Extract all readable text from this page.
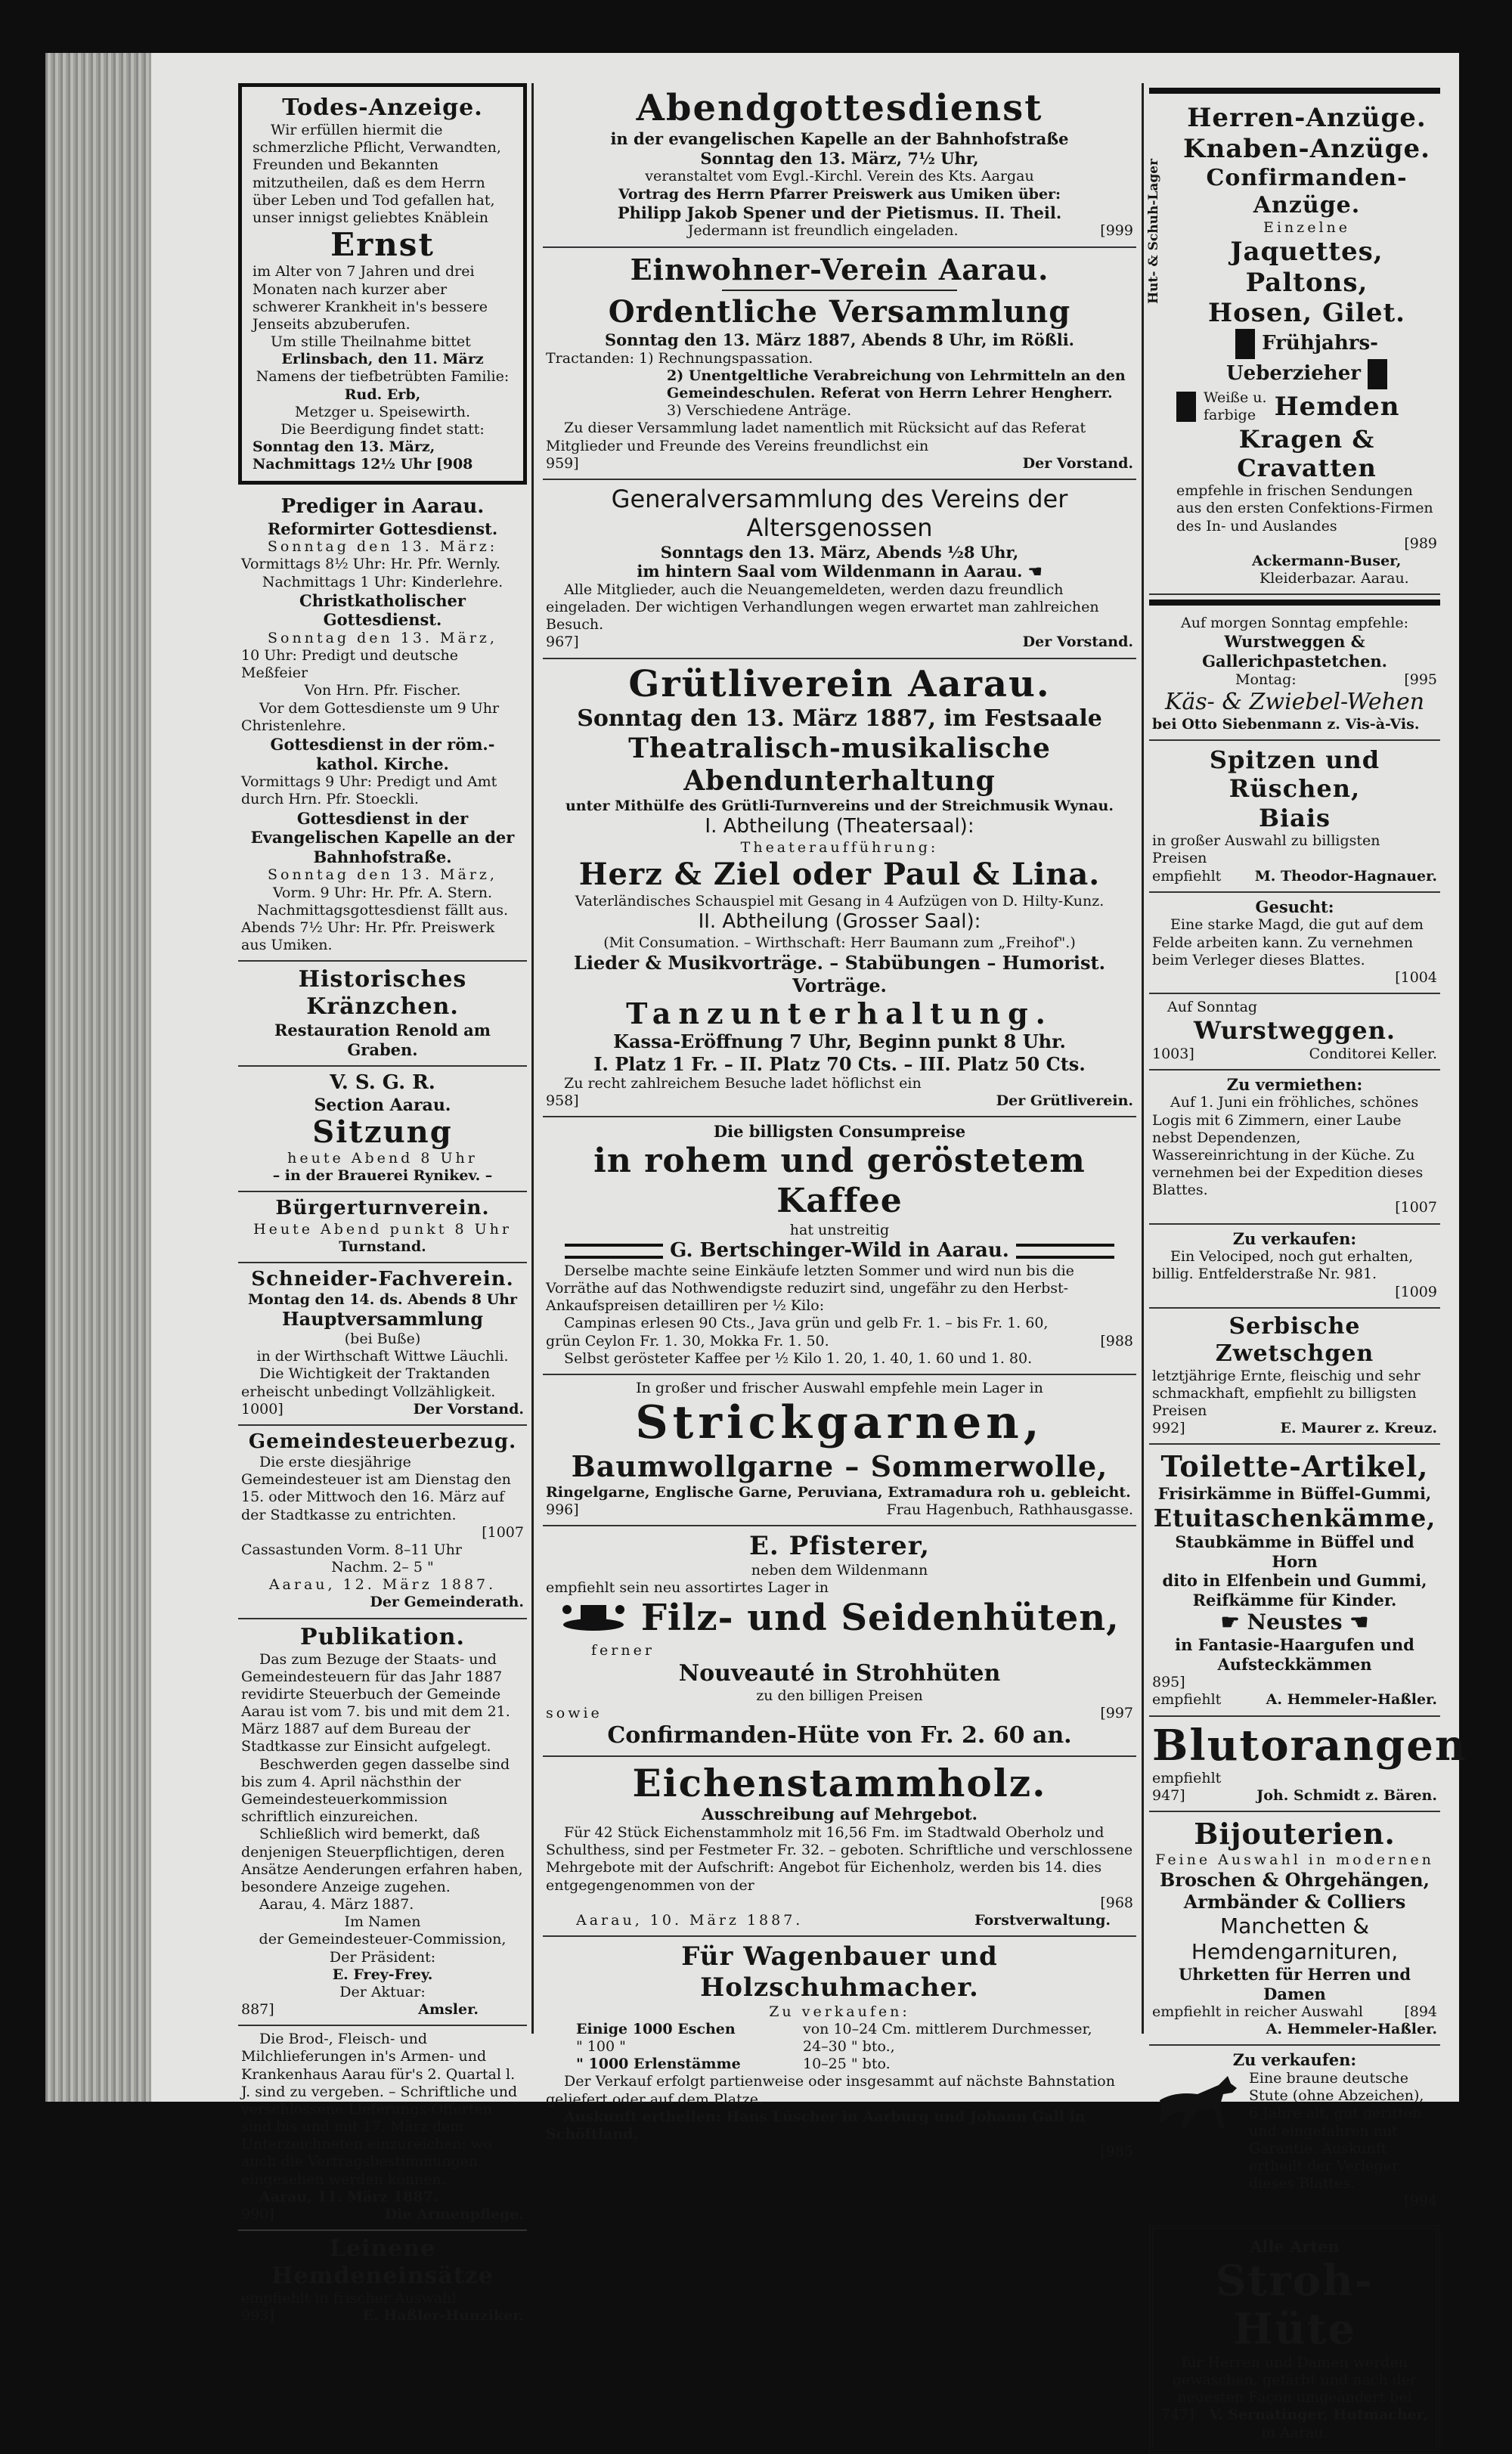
Todes-Anzeige.
Wir erfüllen hiermit die schmerzliche Pflicht, Verwandten, Freunden und Bekannten mitzutheilen, daß es dem Herrn über Leben und Tod gefallen hat, unser innigst geliebtes Knäblein
Ernst
im Alter von 7 Jahren und drei Monaten nach kurzer aber schwerer Krankheit in's bessere Jenseits abzuberufen.
Um stille Theilnahme bittet
Erlinsbach, den 11. März
Namens der tiefbetrübten Familie:
Rud. Erb,
Metzger u. Speisewirth.
Die Beerdigung findet statt:
Sonntag den 13. März, Nachmittags 12½ Uhr [908
Prediger in Aarau.
Reformirter Gottesdienst.
Sonntag den 13. März:
Vormittags 8½ Uhr: Hr. Pfr. Wernly.
Nachmittags 1 Uhr: Kinderlehre.
Christkatholischer Gottesdienst.
Sonntag den 13. März,
10 Uhr: Predigt und deutsche Meßfeier
Von Hrn. Pfr. Fischer.
Vor dem Gottesdienste um 9 Uhr Christenlehre.
Gottesdienst in der röm.-kathol. Kirche.
Vormittags 9 Uhr: Predigt und Amt durch Hrn. Pfr. Stoeckli.
Gottesdienst in der Evangelischen Kapelle an der Bahnhofstraße.
Sonntag den 13. März,
Vorm. 9 Uhr: Hr. Pfr. A. Stern.
Nachmittagsgottesdienst fällt aus.
Abends 7½ Uhr: Hr. Pfr. Preiswerk aus Umiken.
Historisches Kränzchen.
Restauration Renold am Graben.
V. S. G. R.
Section Aarau.
Sitzung
heute Abend 8 Uhr
– in der Brauerei Rynikev. –
Bürgerturnverein.
Heute Abend punkt 8 Uhr
Turnstand.
Schneider-Fachverein.
Montag den 14. ds. Abends 8 Uhr
Hauptversammlung
(bei Buße)
in der Wirthschaft Wittwe Läuchli.
Die Wichtigkeit der Traktanden erheischt unbedingt Vollzähligkeit.
1000]	Der Vorstand.
Gemeindesteuerbezug.
Die erste diesjährige Gemeindesteuer ist am Dienstag den 15. oder Mittwoch den 16. März auf der Stadtkasse zu entrichten.
[1007
Cassastunden Vorm. 8–11 Uhr
Nachm. 2– 5 "
Aarau, 12. März 1887.
Der Gemeinderath.
Publikation.
Das zum Bezuge der Staats- und Gemeindesteuern für das Jahr 1887 revidirte Steuerbuch der Gemeinde Aarau ist vom 7. bis und mit dem 21. März 1887 auf dem Bureau der Stadtkasse zur Einsicht aufgelegt.
Beschwerden gegen dasselbe sind bis zum 4. April nächsthin der Gemeindesteuerkommission schriftlich einzureichen.
Schließlich wird bemerkt, daß denjenigen Steuerpflichtigen, deren Ansätze Aenderungen erfahren haben, besondere Anzeige zugehen.
Aarau, 4. März 1887.
Im Namen
der Gemeindesteuer-Commission,
Der Präsident:
E. Frey-Frey.
Der Aktuar:
887]	Amsler.
Die Brod-, Fleisch- und Milchlieferungen in's Armen- und Krankenhaus Aarau für's 2. Quartal l. J. sind zu vergeben. – Schriftliche und verschlossene Lieferungs-Offerten sind bis und mit 17. März dem Unterzeichneten einzureichen; wo auch die Vertragsbestimmungen eingesehen werden können.
Aarau, 11. März 1887.
990]	Die Armenpflege.
Leinene Hemdeneinsätze
empfiehlt in frischer Auswahl
993]	E. Haßler-Hunziker.
Abendgottesdienst
in der evangelischen Kapelle an der Bahnhofstraße
Sonntag den 13. März, 7½ Uhr,
veranstaltet vom Evgl.-Kirchl. Verein des Kts. Aargau
Vortrag des Herrn Pfarrer Preiswerk aus Umiken über:
Philipp Jakob Spener und der Pietismus. II. Theil.
Jedermann ist freundlich eingeladen.	[999
Einwohner-Verein Aarau.
Ordentliche Versammlung
Sonntag den 13. März 1887, Abends 8 Uhr, im Rößli.
Tractanden: 1) Rechnungspassation.
2) Unentgeltliche Verabreichung von Lehrmitteln an den Gemeindeschulen. Referat von Herrn Lehrer Hengherr.
3) Verschiedene Anträge.
Zu dieser Versammlung ladet namentlich mit Rücksicht auf das Referat Mitglieder und Freunde des Vereins freundlichst ein
959]	Der Vorstand.
Generalversammlung des Vereins der Altersgenossen
Sonntags den 13. März, Abends ½8 Uhr,
im hintern Saal vom Wildenmann in Aarau. ☚
Alle Mitglieder, auch die Neuangemeldeten, werden dazu freundlich eingeladen. Der wichtigen Verhandlungen wegen erwartet man zahlreichen Besuch.
967]	Der Vorstand.
Grütliverein Aarau.
Sonntag den 13. März 1887, im Festsaale
Theatralisch-musikalische Abendunterhaltung
unter Mithülfe des Grütli-Turnvereins und der Streichmusik Wynau.
I. Abtheilung (Theatersaal):
Theateraufführung:
Herz & Ziel oder Paul & Lina.
Vaterländisches Schauspiel mit Gesang in 4 Aufzügen von D. Hilty-Kunz.
II. Abtheilung (Grosser Saal):
(Mit Consumation. – Wirthschaft: Herr Baumann zum „Freihof".)
Lieder & Musikvorträge. – Stabübungen – Humorist. Vorträge.
Tanzunterhaltung.
Kassa-Eröffnung 7 Uhr, Beginn punkt 8 Uhr.
I. Platz 1 Fr. – II. Platz 70 Cts. – III. Platz 50 Cts.
Zu recht zahlreichem Besuche ladet höflichst ein
958]	Der Grütliverein.
Die billigsten Consumpreise
in rohem und geröstetem Kaffee
hat unstreitig
G. Bertschinger-Wild in Aarau.
Derselbe machte seine Einkäufe letzten Sommer und wird nun bis die Vorräthe auf das Nothwendigste reduzirt sind, ungefähr zu den Herbst-Ankaufspreisen detailliren per ½ Kilo:
Campinas erlesen 90 Cts., Java grün und gelb Fr. 1. – bis Fr. 1. 60,
grün Ceylon Fr. 1. 30, Mokka Fr. 1. 50.	[988
Selbst gerösteter Kaffee per ½ Kilo 1. 20, 1. 40, 1. 60 und 1. 80.
In großer und frischer Auswahl empfehle mein Lager in
Strickgarnen,
Baumwollgarne – Sommerwolle,
Ringelgarne, Englische Garne, Peruviana, Extramadura roh u. gebleicht.
996]	Frau Hagenbuch, Rathhausgasse.
E. Pfisterer,
neben dem Wildenmann
empfiehlt sein neu assortirtes Lager in
Filz- und Seidenhüten,
ferner
Nouveauté in Strohhüten
zu den billigen Preisen
sowie	[997
Confirmanden-Hüte von Fr. 2. 60 an.
Eichenstammholz.
Ausschreibung auf Mehrgebot.
Für 42 Stück Eichenstammholz mit 16,56 Fm. im Stadtwald Oberholz und Schulthess, sind per Festmeter Fr. 32. – geboten. Schriftliche und verschlossene Mehrgebote mit der Aufschrift: Angebot für Eichenholz, werden bis 14. dies entgegengenommen von der
[968
Aarau, 10. März 1887.	Forstverwaltung.
Für Wagenbauer und Holzschuhmacher.
Zu verkaufen:
Einige 1000 Eschen	von 10–24 Cm. mittlerem Durchmesser,
" 100 "	24–30 " bto.,
" 1000 Erlenstämme	10–25 " bto.
Der Verkauf erfolgt partienweise oder insgesammt auf nächste Bahnstation geliefert oder auf dem Platze.
Auskunft ertheilen: Hans Lüscher in Aarburg und Johann Gall in Schöftland.
[985
Hut- & Schuh-Lager
Herren-Anzüge.
Knaben-Anzüge.
Confirmanden-Anzüge.
Einzelne
Jaquettes, Paltons,
Hosen, Gilet.
Frühjahrs-Ueberzieher
Weiße u.
farbige Hemden
Kragen & Cravatten
empfehle in frischen Sendungen aus den ersten Confektions-Firmen des In- und Auslandes
[989
Ackermann-Buser,
Kleiderbazar. Aarau.
Auf morgen Sonntag empfehle:
Wurstweggen & Gallerichpastetchen.
Montag:	[995
Käs- & Zwiebel-Wehen
bei Otto Siebenmann z. Vis-à-Vis.
Spitzen und Rüschen,
Biais
in großer Auswahl zu billigsten Preisen
empfiehlt M. Theodor-Hagnauer.
Gesucht:
Eine starke Magd, die gut auf dem Felde arbeiten kann. Zu vernehmen beim Verleger dieses Blattes.
[1004
Auf Sonntag
Wurstweggen.
1003]	Conditorei Keller.
Zu vermiethen:
Auf 1. Juni ein fröhliches, schönes Logis mit 6 Zimmern, einer Laube nebst Dependenzen, Wassereinrichtung in der Küche. Zu vernehmen bei der Expedition dieses Blattes.
[1007
Zu verkaufen:
Ein Velociped, noch gut erhalten, billig. Entfelderstraße Nr. 981.
[1009
Serbische Zwetschgen
letztjährige Ernte, fleischig und sehr schmackhaft, empfiehlt zu billigsten Preisen
992]	E. Maurer z. Kreuz.
Toilette-Artikel,
Frisirkämme in Büffel-Gummi,
Etuitaschenkämme,
Staubkämme in Büffel und Horn
dito in Elfenbein und Gummi,
Reifkämme für Kinder.
☛ Neustes ☚
in Fantasie-Haargufen und Aufsteckkämmen
895]
empfiehlt	A. Hemmeler-Haßler.
Blutorangen
empfiehlt
947]	Joh. Schmidt z. Bären.
Bijouterien.
Feine Auswahl in modernen
Broschen & Ohrgehängen,
Armbänder & Colliers
Manchetten & Hemdengarnituren,
Uhrketten für Herren und Damen
empfiehlt in reicher Auswahl	[894
A. Hemmeler-Haßler.
Zu verkaufen:
Eine braune deutsche Stute (ohne Abzeichen), 6 Jahre alt, gut geritten und eingefahren mit Garantie. Auskunft ertheilt der Verleger dieses Blattes.
[994
Alle Arten
Stroh-Hüte
für Herren und Damen werden gewaschen, gefärbt und nach der neuesten Façon umgeändert bei
747] V. Sernatinger, Hutmacher,
in Aarau.
